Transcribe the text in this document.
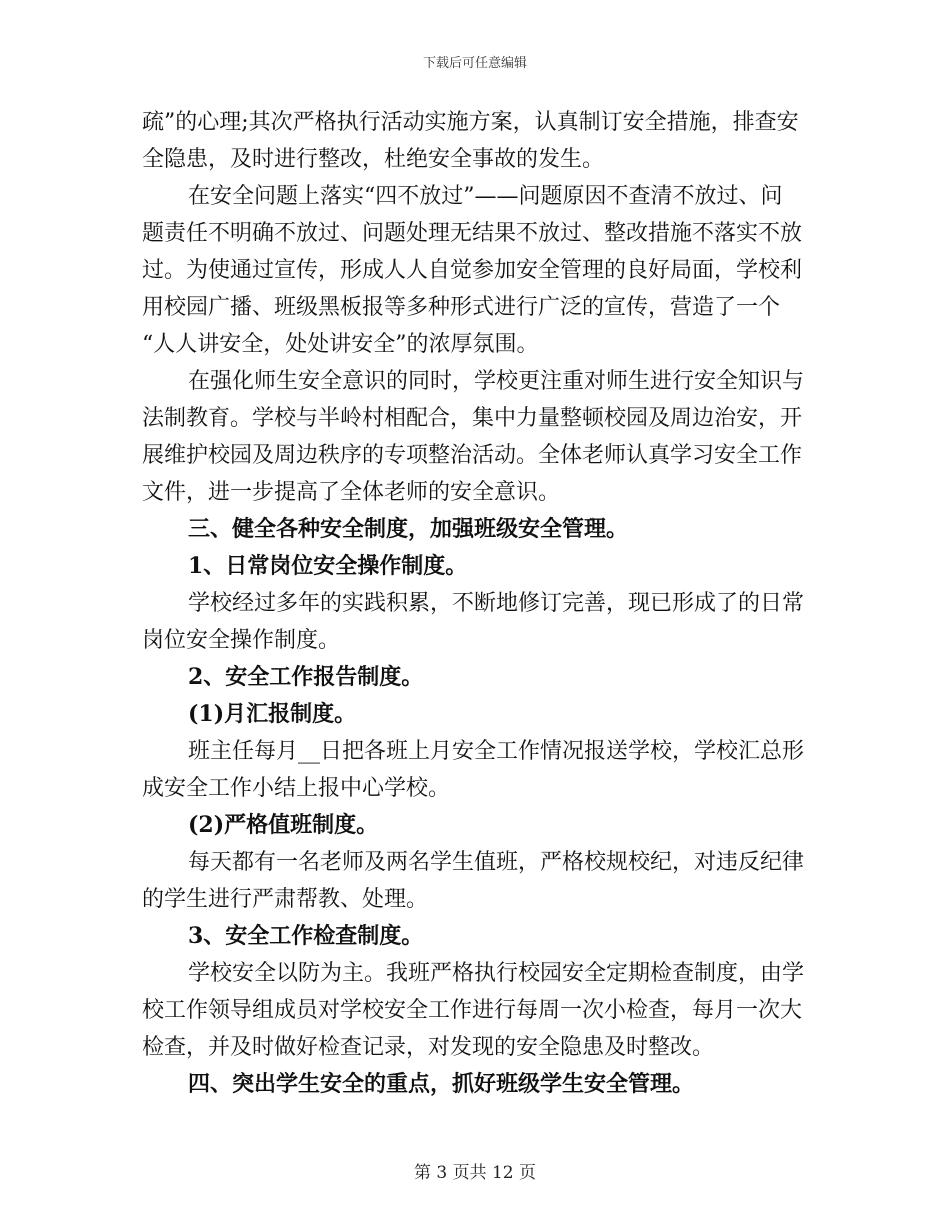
下载后可任意编辑
疏”的心理;其次严格执行活动实施方案，认真制订安全措施，排查安
全隐患，及时进行整改，杜绝安全事故的发生。
在安全问题上落实“四不放过”——问题原因不查清不放过、问
题责任不明确不放过、问题处理无结果不放过、整改措施不落实不放
过。为使通过宣传，形成人人自觉参加安全管理的良好局面，学校利
用校园广播、班级黑板报等多种形式进行广泛的宣传，营造了一个
“人人讲安全，处处讲安全”的浓厚氛围。
在强化师生安全意识的同时，学校更注重对师生进行安全知识与
法制教育。学校与半岭村相配合，集中力量整顿校园及周边治安，开
展维护校园及周边秩序的专项整治活动。全体老师认真学习安全工作
文件，进一步提高了全体老师的安全意识。
三、健全各种安全制度，加强班级安全管理。
1、日常岗位安全操作制度。
学校经过多年的实践积累，不断地修订完善，现已形成了的日常
岗位安全操作制度。
2、安全工作报告制度。
(1)月汇报制度。
班主任每月__日把各班上月安全工作情况报送学校，学校汇总形
成安全工作小结上报中心学校。
(2)严格值班制度。
每天都有一名老师及两名学生值班，严格校规校纪，对违反纪律
的学生进行严肃帮教、处理。
3、安全工作检查制度。
学校安全以防为主。我班严格执行校园安全定期检查制度，由学
校工作领导组成员对学校安全工作进行每周一次小检查，每月一次大
检查，并及时做好检查记录，对发现的安全隐患及时整改。
四、突出学生安全的重点，抓好班级学生安全管理。
第 3 页共 12 页
